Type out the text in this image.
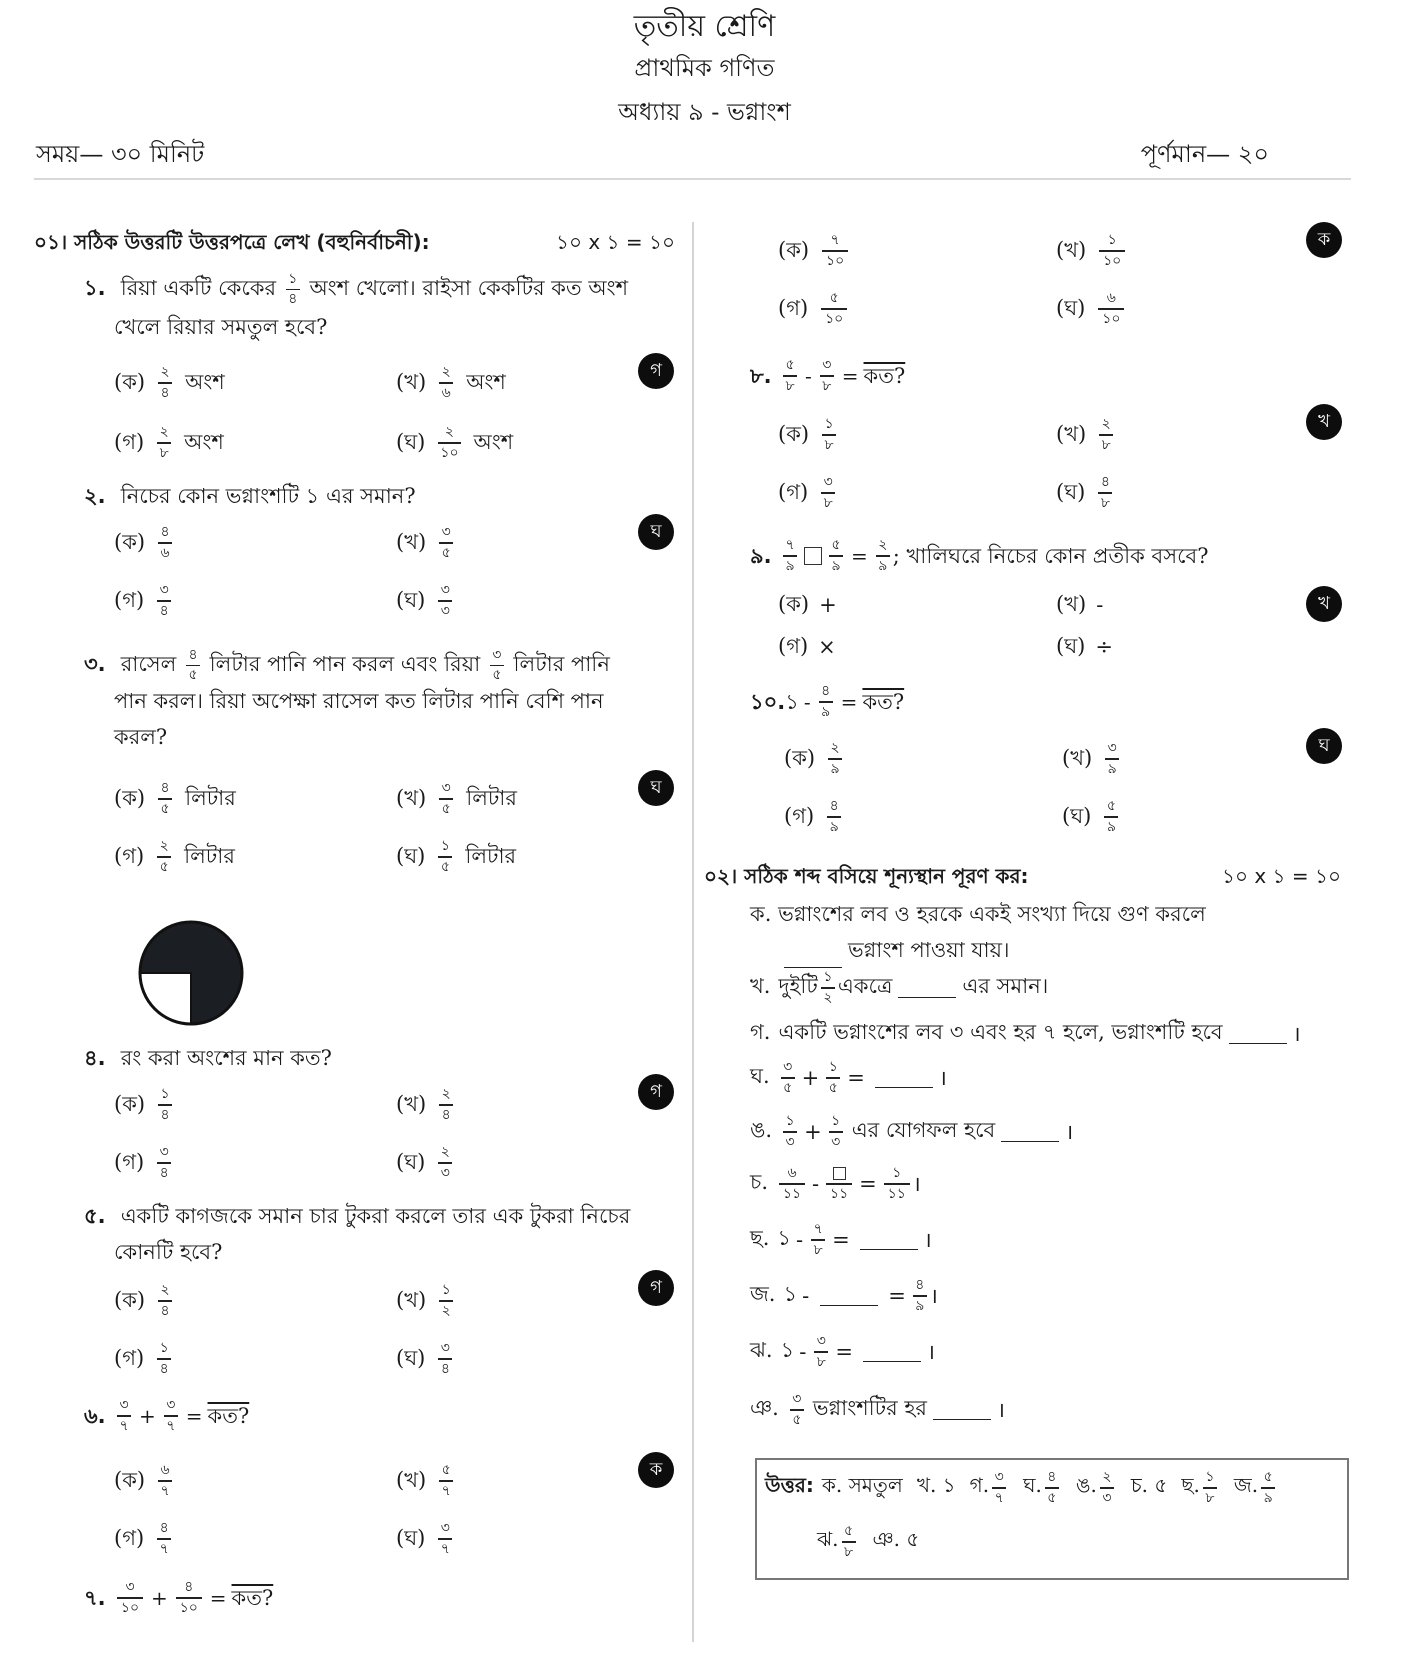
তৃতীয় শ্রেণি
প্রাথমিক গণিত
অধ্যায় ৯ - ভগ্নাংশ
সময়— ৩০ মিনিট	পূর্ণমান— ২০
০১। সঠিক উত্তরটি উত্তরপত্রে লেখ (বহুনির্বাচনী):	১০ x ১ = ১০
১. রিয়া একটি কেকের $\frac{১}{৪}$ অংশ খেলো। রাইসা কেকটির কত অংশ
খেলে রিয়ার সমতুল হবে?
গ
(ক) $\frac{২}{৪}$ অংশ	(খ) $\frac{২}{৬}$ অংশ
(গ) $\frac{২}{৮}$ অংশ	(ঘ) $\frac{২}{১০}$ অংশ
২. নিচের কোন ভগ্নাংশটি ১ এর সমান?
ঘ
(ক) $\frac{৪}{৬}$	(খ) $\frac{৩}{৫}$
(গ) $\frac{৩}{৪}$	(ঘ) $\frac{৩}{৩}$
৩. রাসেল $\frac{৪}{৫}$ লিটার পানি পান করল এবং রিয়া $\frac{৩}{৫}$ লিটার পানি
পান করল। রিয়া অপেক্ষা রাসেল কত লিটার পানি বেশি পান
করল?
ঘ
(ক) $\frac{৪}{৫}$ লিটার	(খ) $\frac{৩}{৫}$ লিটার
(গ) $\frac{২}{৫}$ লিটার	(ঘ) $\frac{১}{৫}$ লিটার
৪. রং করা অংশের মান কত?
গ
(ক) $\frac{১}{৪}$	(খ) $\frac{২}{৪}$
(গ) $\frac{৩}{৪}$	(ঘ) $\frac{২}{৩}$
৫. একটি কাগজকে সমান চার টুকরা করলে তার এক টুকরা নিচের
কোনটি হবে?
গ
(ক) $\frac{২}{৪}$	(খ) $\frac{১}{২}$
(গ) $\frac{১}{৪}$	(ঘ) $\frac{৩}{৪}$
৬. $\frac{৩}{৭} + \frac{৩}{৭}$ = কত?
ক
(ক) $\frac{৬}{৭}$	(খ) $\frac{৫}{৭}$
(গ) $\frac{৪}{৭}$	(ঘ) $\frac{৩}{৭}$
৭. $\frac{৩}{১০} + \frac{৪}{১০}$ = কত?
ক
(ক) $\frac{৭}{১০}$	(খ) $\frac{১}{১০}$
(গ) $\frac{৫}{১০}$	(ঘ) $\frac{৬}{১০}$
৮. $\frac{৫}{৮} - \frac{৩}{৮}$ = কত?
খ
(ক) $\frac{১}{৮}$	(খ) $\frac{২}{৮}$
(গ) $\frac{৩}{৮}$	(ঘ) $\frac{৪}{৮}$
৯. $\frac{৭}{৯} \frac{৫}{৯} = \frac{২}{৯}$ ; খালিঘরে নিচের কোন প্রতীক বসবে?
খ
(ক) +	(খ) -
(গ) ×	(ঘ) ÷
১০. ১ - $\frac{৪}{৯}$ = কত?
ঘ
(ক) $\frac{২}{৯}$	(খ) $\frac{৩}{৯}$
(গ) $\frac{৪}{৯}$	(ঘ) $\frac{৫}{৯}$
০২। সঠিক শব্দ বসিয়ে শূন্যস্থান পূরণ কর:	১০ x ১ = ১০
ক. ভগ্নাংশের লব ও হরকে একই সংখ্যা দিয়ে গুণ করলে
ভগ্নাংশ পাওয়া যায়।
খ. দুইটি $\frac{১}{২}$ একত্রে	এর সমান।
গ. একটি ভগ্নাংশের লব ৩ এবং হর ৭ হলে, ভগ্নাংশটি হবে	।
ঘ. $\frac{৩}{৫} + \frac{১}{৫}$ =	।
ঙ. $\frac{১}{৩} + \frac{১}{৩}$ এর যোগফল হবে	।
চ. $\frac{৬}{১১}$ - ১১ = $\frac{১}{১১}$ ।
ছ. ১ - $\frac{৭}{৮}$ =	।
জ. ১ -	= $\frac{৪}{৯}$ ।
ঝ. ১ - $\frac{৩}{৮}$ =	।
ঞ. $\frac{৩}{৫}$ ভগ্নাংশটির হর	।
উত্তর: ক. সমতুল খ. ১ গ. $\frac{৩}{৭}$ ঘ. $\frac{৪}{৫}$ ঙ. $\frac{২}{৩}$ চ. ৫ ছ. $\frac{১}{৮}$ জ. $\frac{৫}{৯}$
ঝ. $\frac{৫}{৮}$ ঞ. ৫
